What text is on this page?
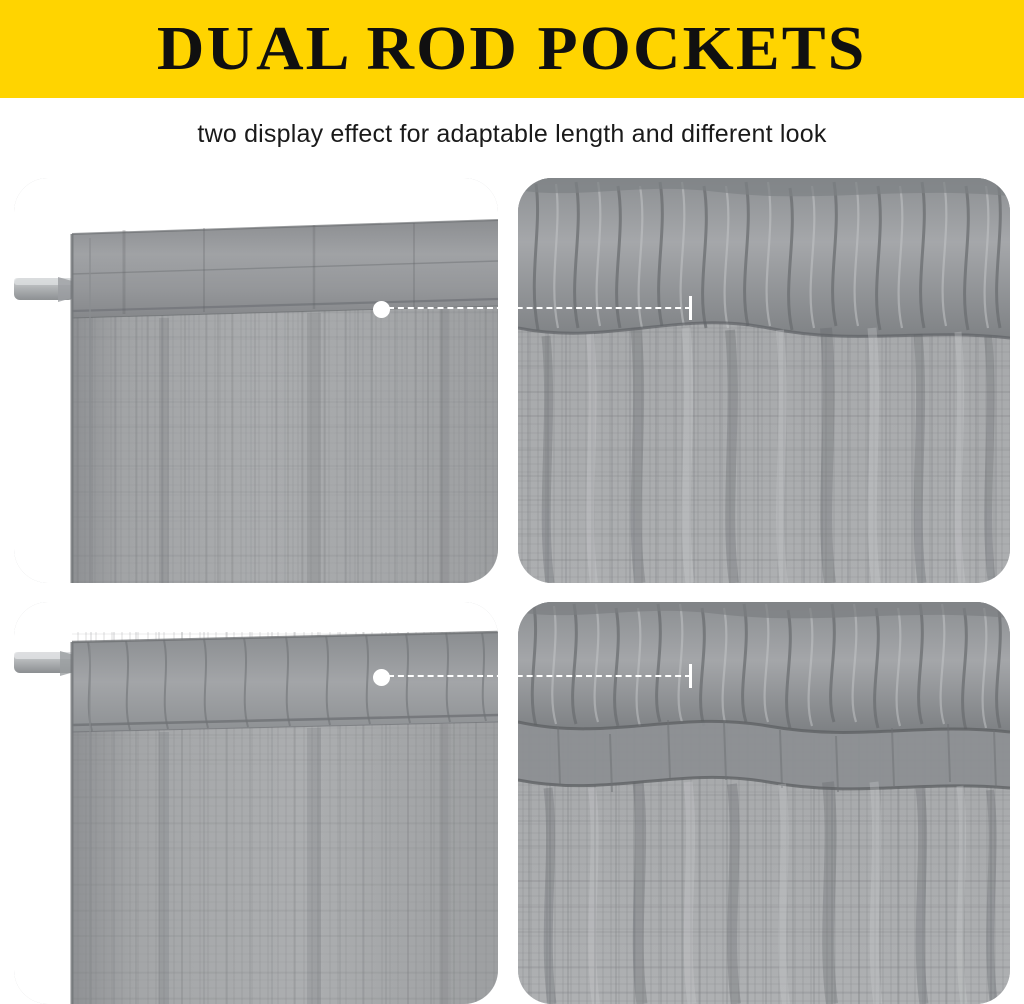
DUAL ROD POCKETS
two display effect for adaptable length and different look
